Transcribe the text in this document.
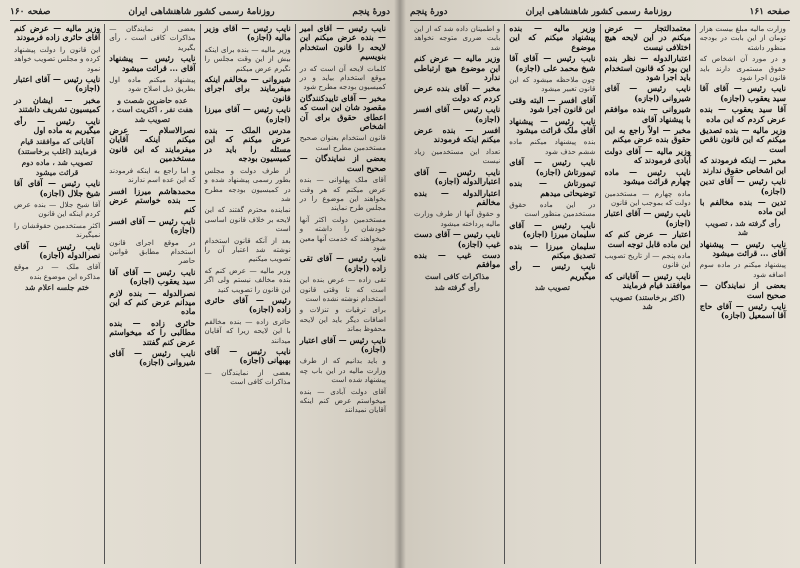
دورهٔ پنجم
روزنامهٔ رسمی کشور شاهنشاهی ایران
صفحه ۱۶۰

نایب رئیس — آقای امیر — بنده عرض میکنم این لایحه را قانون استخدام بنویسیم

کلمات لایحه آن است که در موقع استخدام بیاید و در کمیسیون بودجه مطرح شود

مخبر — آقای تاییدکنندگان مقصود شان این است که اعطای حقوق برای آن اشخاص

قانون استخدام بعنوان صحیح مستخدمین مطرح است

بعضی از نمایندگان — صحیح است

آقای ملک پهلوانی — بنده عرض میکنم که هر وقت بخواهند این موضوع را در مجلس طرح نمایند

مستخدمین دولت اکثر آنها خودشان را داشته و میخواهند که خدمت آنها معین شود

نایب رئیس — آقای تقی زاده (اجازه)

تقی زاده — عرض بنده این است که تا وقتی قانون استخدام نوشته نشده است

برای ترقیات و تنزلات و اضافات دیگر باید این لایحه محفوظ بماند

نایب رئیس — آقای اعتبار (اجازه)

و باید بدانیم که از طرف وزارت مالیه در این باب چه پیشنهاد شده است

آقای دولت آبادی — بنده میخواستم عرض کنم اینکه آقایان نمیدانند

نایب رئیس — آقای وزیر مالیه (اجازه)

وزیر مالیه — بنده برای اینکه بیش از این وقت مجلس را نگیرم عرض میکنم

شیروانی — مخالفم اینکه میفرمایند برای اجرای قانون

نایب رئیس — آقای میرزا (اجازه)

مدرس الملک — بنده عرض میکنم که این مسئله را باید در کمیسیون بودجه

از طرف دولت و مجلس بطور رسمی پیشنهاد شده و در کمیسیون بودجه مطرح شد

نماینده محترم گفتند که این لایحه بر خلاف قانون اساسی است

بعد از آنکه قانون استخدام نوشته شد اعتبار آن را تصویب میکنیم

وزیر مالیه — عرض کنم که بنده مخالف نیستم ولی اگر این قانون را تصویب کنید

رئیس — آقای حائری زاده (اجازه)

حائری زاده — بنده مخالفم با این لایحه زیرا که آقایان میدانند

نایب رئیس — آقای بهبهانی (اجازه)

بعضی از نمایندگان — مذاکرات کافی است

بعضی از نمایندگان — مذاکرات کافی است ، رأی بگیرید

نایب رئیس — پیشنهاد آقای ... قرائت میشود

پیشنهاد میکنم ماده اول بطریق ذیل اصلاح شود

عده حاضرین شصت و هفت نفر ، اکثریت است ، تصویب شد

نصرالاسلام — عرض میکنم اینکه آقایان میفرمایند که این قانون مستخدمین

و اما راجع به اینکه فرمودند که این عده اسم ندارند

محمدهاشم میرزا افسر — بنده خواستم عرض کنم

نایب رئیس — آقای افسر (اجازه)

در موقع اجرای قانون استخدام مطابق قوانین حاضر

نایب رئیس — آقای آقا سید یعقوب (اجازه)

نصرالدوله — بنده لازم میدانم عرض کنم که این ماده

حائری زاده — بنده مطالبی را که میخواستم عرض کنم گفتند

نایب رئیس — آقای شیروانی (اجازه)

وزیر مالیه — عرض کنم آقای حائری زاده فرمودند

این قانون را دولت پیشنهاد کرده و مجلس تصویب خواهد نمود

نایب رئیس — آقای اعتبار (اجازه)

مخبر — ایشان در کمیسیون تشریف داشتند

نایب رئیس — رأی میگیریم به ماده اول

آقایانی که موافقند قیام فرمایند (اغلب برخاستند)

تصویب شد ، ماده دوم قرائت میشود

نایب رئیس — آقای آقا شیخ جلال (اجازه)

آقا شیخ جلال — بنده عرض کردم اینکه این قانون

اکثر مستخدمین حقوقشان را نمیگیرند

نایب رئیس — آقای نصرالدوله (اجازه)

آقای ملک — در موقع مذاکره این موضوع بنده

ختم جلسه اعلام شد

صفحه ۱۶۱
روزنامهٔ رسمی کشور شاهنشاهی ایران
دورهٔ پنجم

وزارت مالیه مبلغ بیست هزار تومان از این بابت در بودجه منظور داشته

و در مورد آن اشخاص که حقوق مستمری دارند باید قانون اجرا شود

نایب رئیس — آقای آقا سید یعقوب (اجازه)

آقا سید یعقوب — بنده عرض کردم که این ماده

وزیر مالیه — بنده تصدیق میکنم که این قانون ناقص است

مخبر — اینکه فرمودند که این اشخاص حقوق ندارند

نایب رئیس — آقای تدین (اجازه)

تدین — بنده مخالفم با این ماده

رأی گرفته شد ، تصویب شد

نایب رئیس — پیشنهاد آقای ... قرائت میشود

پیشنهاد میکنم در ماده سوم اضافه شود

بعضی از نمایندگان — صحیح است

نایب رئیس — آقای حاج آقا اسمعیل (اجازه)

معتمدالتجار — عرض میکنم در این لایحه هیچ اختلافی نیست

اعتبارالدوله — نظر بنده این بود که قانون استخدام باید اجرا شود

نایب رئیس — آقای شیروانی (اجازه)

شیروانی — بنده موافقم با پیشنهاد آقای

مخبر — اولاً راجع به این حقوق بنده عرض میکنم

وزیر مالیه — آقای دولت آبادی فرمودند که

نایب رئیس — ماده چهارم قرائت میشود

ماده چهارم — مستخدمین دولت که بموجب این قانون

نایب رئیس — آقای اعتبار (اجازه)

اعتبار — عرض کنم که این ماده قابل توجه است

ماده پنجم — از تاریخ تصویب این قانون

نایب رئیس — آقایانی که موافقند قیام فرمایند

(اکثر برخاستند) تصویب شد

وزیر مالیه — بنده پیشنهاد میکنم که این موضوع

نایب رئیس — آقای آقا شیخ محمد علی (اجازه)

چون ملاحظه میشود که این قانون تعبیر میشود

آقای افسر — البته وقتی این قانون اجرا شود

نایب رئیس — پیشنهاد آقای ملک قرائت میشود

بنده پیشنهاد میکنم ماده ششم حذف شود

نایب رئیس — آقای تیمورتاش (اجازه)

تیمورتاش — بنده توضیحاتی میدهم

در این ماده حقوق مستخدمین منظور است

نایب رئیس — آقای سلیمان میرزا (اجازه)

سلیمان میرزا — بنده تصدیق میکنم

نایب رئیس — رأی میگیریم

تصویب شد

و اطمینان داده شد که از این بابت ضرری متوجه نخواهد شد

وزیر مالیه — عرض کنم این موضوع هیچ ارتباطی ندارد

مخبر — آقای بنده عرض کردم که دولت

نایب رئیس — آقای افسر (اجازه)

افسر — بنده عرض میکنم اینکه فرمودند

تعداد این مستخدمین زیاد نیست

نایب رئیس — آقای اعتبارالدوله (اجازه)

اعتبارالدوله — بنده مخالفم

و حقوق آنها از طرف وزارت مالیه پرداخته میشود

نایب رئیس — آقای دست غیب (اجازه)

دست غیب — بنده موافقم

مذاکرات کافی است

رأی گرفته شد
